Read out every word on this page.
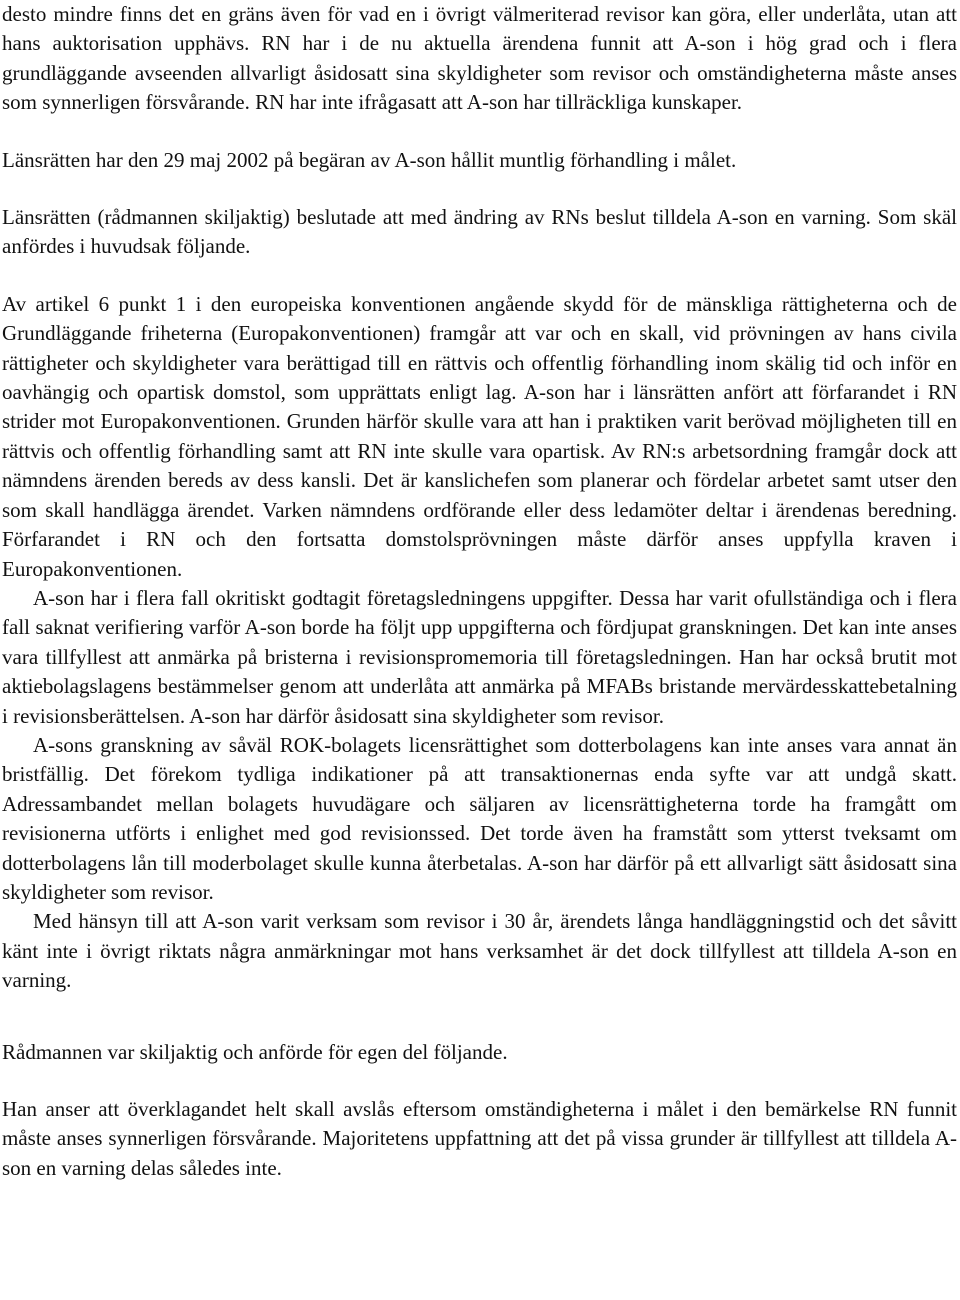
desto mindre finns det en gräns även för vad en i övrigt välmeriterad revisor kan göra, eller underlåta, utan att hans auktorisation upphävs. RN har i de nu aktuella ärendena funnit att A-son i hög grad och i flera grundläggande avseenden allvarligt åsidosatt sina skyldigheter som revisor och omständigheterna måste anses som synnerligen försvårande. RN har inte ifrågasatt att A-son har tillräckliga kunskaper.

Länsrätten har den 29 maj 2002 på begäran av A-son hållit muntlig förhandling i målet.

Länsrätten (rådmannen skiljaktig) beslutade att med ändring av RNs beslut tilldela A-son en varning. Som skäl anfördes i huvudsak följande.

Av artikel 6 punkt 1 i den europeiska konventionen angående skydd för de mänskliga rättigheterna och de Grundläggande friheterna (Europakonventionen) framgår att var och en skall, vid prövningen av hans civila rättigheter och skyldigheter vara berättigad till en rättvis och offentlig förhandling inom skälig tid och inför en oavhängig och opartisk domstol, som upprättats enligt lag. A-son har i länsrätten anfört att förfarandet i RN strider mot Europakonventionen. Grunden härför skulle vara att han i praktiken varit berövad möjligheten till en rättvis och offentlig förhandling samt att RN inte skulle vara opartisk. Av RN:s arbetsordning framgår dock att nämndens ärenden bereds av dess kansli. Det är kanslichefen som planerar och fördelar arbetet samt utser den som skall handlägga ärendet. Varken nämndens ordförande eller dess ledamöter deltar i ärendenas beredning. Förfarandet i RN och den fortsatta domstolsprövningen måste därför anses uppfylla kraven i Europakonventionen.

A-son har i flera fall okritiskt godtagit företagsledningens uppgifter. Dessa har varit ofullständiga och i flera fall saknat verifiering varför A-son borde ha följt upp uppgifterna och fördjupat granskningen. Det kan inte anses vara tillfyllest att anmärka på bristerna i revisionspromemoria till företagsledningen. Han har också brutit mot aktiebolagslagens bestämmelser genom att underlåta att anmärka på MFABs bristande mervärdesskattebetalning i revisionsberättelsen. A-son har därför åsidosatt sina skyldigheter som revisor.

A-sons granskning av såväl ROK-bolagets licensrättighet som dotterbolagens kan inte anses vara annat än bristfällig. Det förekom tydliga indikationer på att transaktionernas enda syfte var att undgå skatt. Adressambandet mellan bolagets huvudägare och säljaren av licensrättigheterna torde ha framgått om revisionerna utförts i enlighet med god revisionssed. Det torde även ha framstått som ytterst tveksamt om dotterbolagens lån till moderbolaget skulle kunna återbetalas. A-son har därför på ett allvarligt sätt åsidosatt sina skyldigheter som revisor.

Med hänsyn till att A-son varit verksam som revisor i 30 år, ärendets långa handläggningstid och det såvitt känt inte i övrigt riktats några anmärkningar mot hans verksamhet är det dock tillfyllest att tilldela A-son en varning.

Rådmannen var skiljaktig och anförde för egen del följande.

Han anser att överklagandet helt skall avslås eftersom omständigheterna i målet i den bemärkelse RN funnit måste anses synnerligen försvårande. Majoritetens uppfattning att det på vissa grunder är tillfyllest att tilldela A-son en varning delas således inte.
